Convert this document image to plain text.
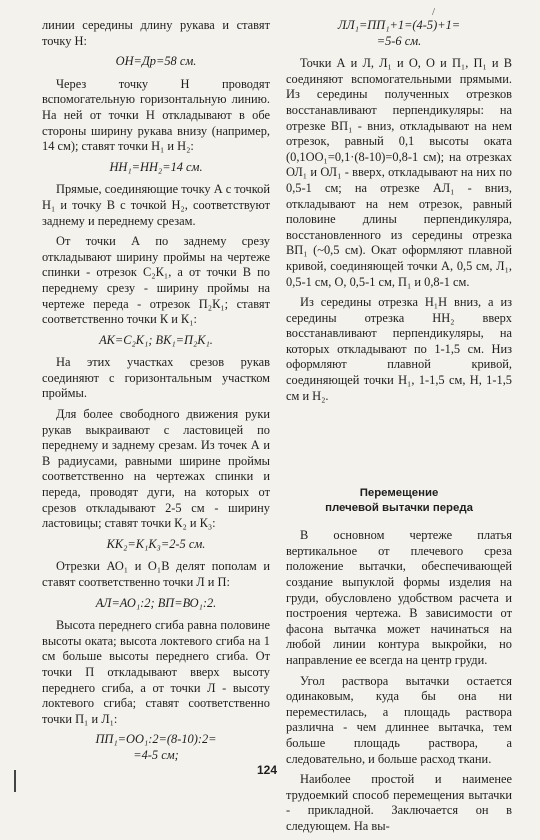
/

линии середины длину рукава и ставят точку Н:

ОН=Др=58 см.

Через точку Н проводят вспомогательную горизонтальную линию. На ней от точки Н откладывают в обе стороны ширину рукава внизу (например, 14 см); ставят точки Н₁ и Н₂:

НН₁=НН₂=14 см.

Прямые, соединяющие точку А с точкой Н₁ и точку В с точкой Н₂, соответствуют заднему и переднему срезам.

От точки А по заднему срезу откладывают ширину проймы на чертеже спинки - отрезок С₂К₁, а от точки В по переднему срезу - ширину проймы на чертеже переда - отрезок П₂К₁; ставят соответственно точки К и К₁:

АК=С₂К₁; ВК₁=П₂К₁.

На этих участках срезов рукав соединяют с горизонтальным участком проймы.

Для более свободного движения руки рукав выкраивают с ластовицей по переднему и заднему срезам. Из точек А и В радиусами, равными ширине проймы соответственно на чертежах спинки и переда, проводят дуги, на которых от срезов откладывают 2-5 см - ширину ластовицы; ставят точки К₂ и К₃:

КК₂=К₁К₃=2-5 см.

Отрезки АО₁ и О₁В делят пополам и ставят соответственно точки Л и П:

АЛ=АО₁:2; ВП=ВО₁:2.

Высота переднего сгиба равна половине высоты оката; высота локтевого сгиба на 1 см больше высоты переднего сгиба. От точки П откладывают вверх высоту переднего сгиба, а от точки Л - высоту локтевого сгиба; ставят соответственно точки П₁ и Л₁:

ПП₁=ОО₁:2=(8-10):2=
=4-5 см;
ЛЛ₁=ПП₁+1=(4-5)+1=
=5-6 см.

Точки А и Л, Л₁ и О, О и П₁, П₁ и В соединяют вспомогательными прямыми. Из середины полученных отрезков восстанавливают перпендикуляры: на отрезке ВП₁ - вниз, откладывают на нем отрезок, равный 0,1 высоты оката (0,1ОО₁=0,1·(8-10)=0,8-1 см); на отрезках ОЛ₁ и ОЛ₁ - вверх, откладывают на них по 0,5-1 см; на отрезке АЛ₁ - вниз, откладывают на нем отрезок, равный половине длины перпендикуляра, восстановленного из середины отрезка ВП₁ (~0,5 см). Окат оформляют плавной кривой, соединяющей точки А, 0,5 см, Л₁, 0,5-1 см, О, 0,5-1 см, П₁ и 0,8-1 см.

Из середины отрезка Н₁Н вниз, а из середины отрезка НН₂ вверх восстанавливают перпендикуляры, на которых откладывают по 1-1,5 см. Низ оформляют плавной кривой, соединяющей точки Н₁, 1-1,5 см, Н, 1-1,5 см и Н₂.

Перемещение
плечевой вытачки переда

В основном чертеже платья вертикальное от плечевого среза положение вытачки, обеспечивающей создание выпуклой формы изделия на груди, обусловлено удобством расчета и построения чертежа. В зависимости от фасона вытачка может начинаться на любой линии контура выкройки, но направление ее всегда на центр груди.

Угол раствора вытачки остается одинаковым, куда бы она ни переместилась, а площадь раствора различна - чем длиннее вытачка, тем больше площадь раствора, а следовательно, и больше расход ткани.

Наиболее простой и наименее трудоемкий способ перемещения вытачки - прикладной. Заключается он в следующем. На вы-

124
